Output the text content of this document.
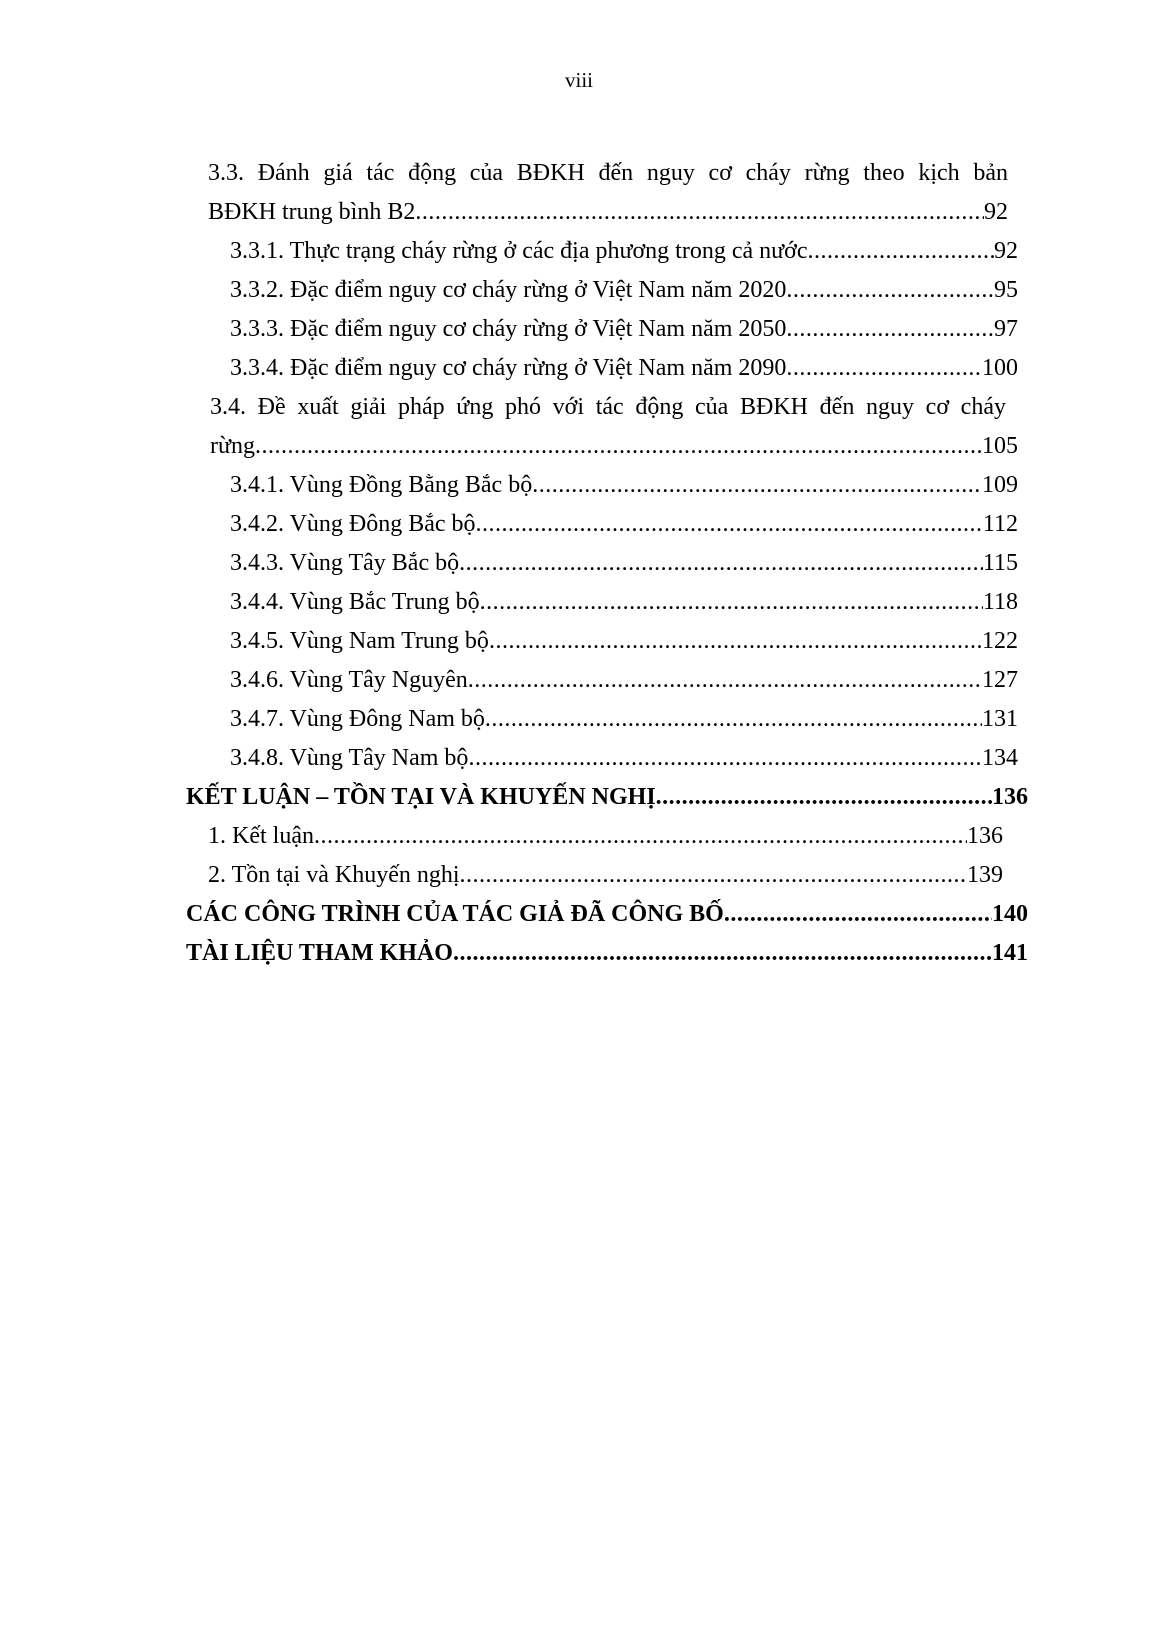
viii
3.3. Đánh giá tác động của BĐKH đến nguy cơ cháy rừng theo kịch bản
BĐKH trung bình B2 .....	92
3.3.1. Thực trạng cháy rừng ở các địa phương trong cả nước .....	92
3.3.2. Đặc điểm nguy cơ cháy rừng ở Việt Nam năm 2020 .....	95
3.3.3. Đặc điểm nguy cơ cháy rừng ở Việt Nam năm 2050 .....	97
3.3.4. Đặc điểm nguy cơ cháy rừng ở Việt Nam năm 2090 .....	100
3.4. Đề xuất giải pháp ứng phó với tác động của BĐKH đến nguy cơ cháy
rừng .....	105
3.4.1. Vùng Đồng Bằng Bắc bộ .....	109
3.4.2. Vùng Đông Bắc bộ .....	112
3.4.3. Vùng Tây Bắc bộ .....	115
3.4.4. Vùng Bắc Trung bộ .....	118
3.4.5. Vùng Nam Trung bộ .....	122
3.4.6. Vùng Tây Nguyên .....	127
3.4.7. Vùng Đông Nam bộ .....	131
3.4.8. Vùng Tây Nam bộ .....	134
KẾT LUẬN – TỒN TẠI VÀ KHUYẾN NGHỊ .....	136
1. Kết luận .....	136
2. Tồn tại và Khuyến nghị .....	139
CÁC CÔNG TRÌNH CỦA TÁC GIẢ ĐÃ CÔNG BỐ .....	140
TÀI LIỆU THAM KHẢO .....	141
